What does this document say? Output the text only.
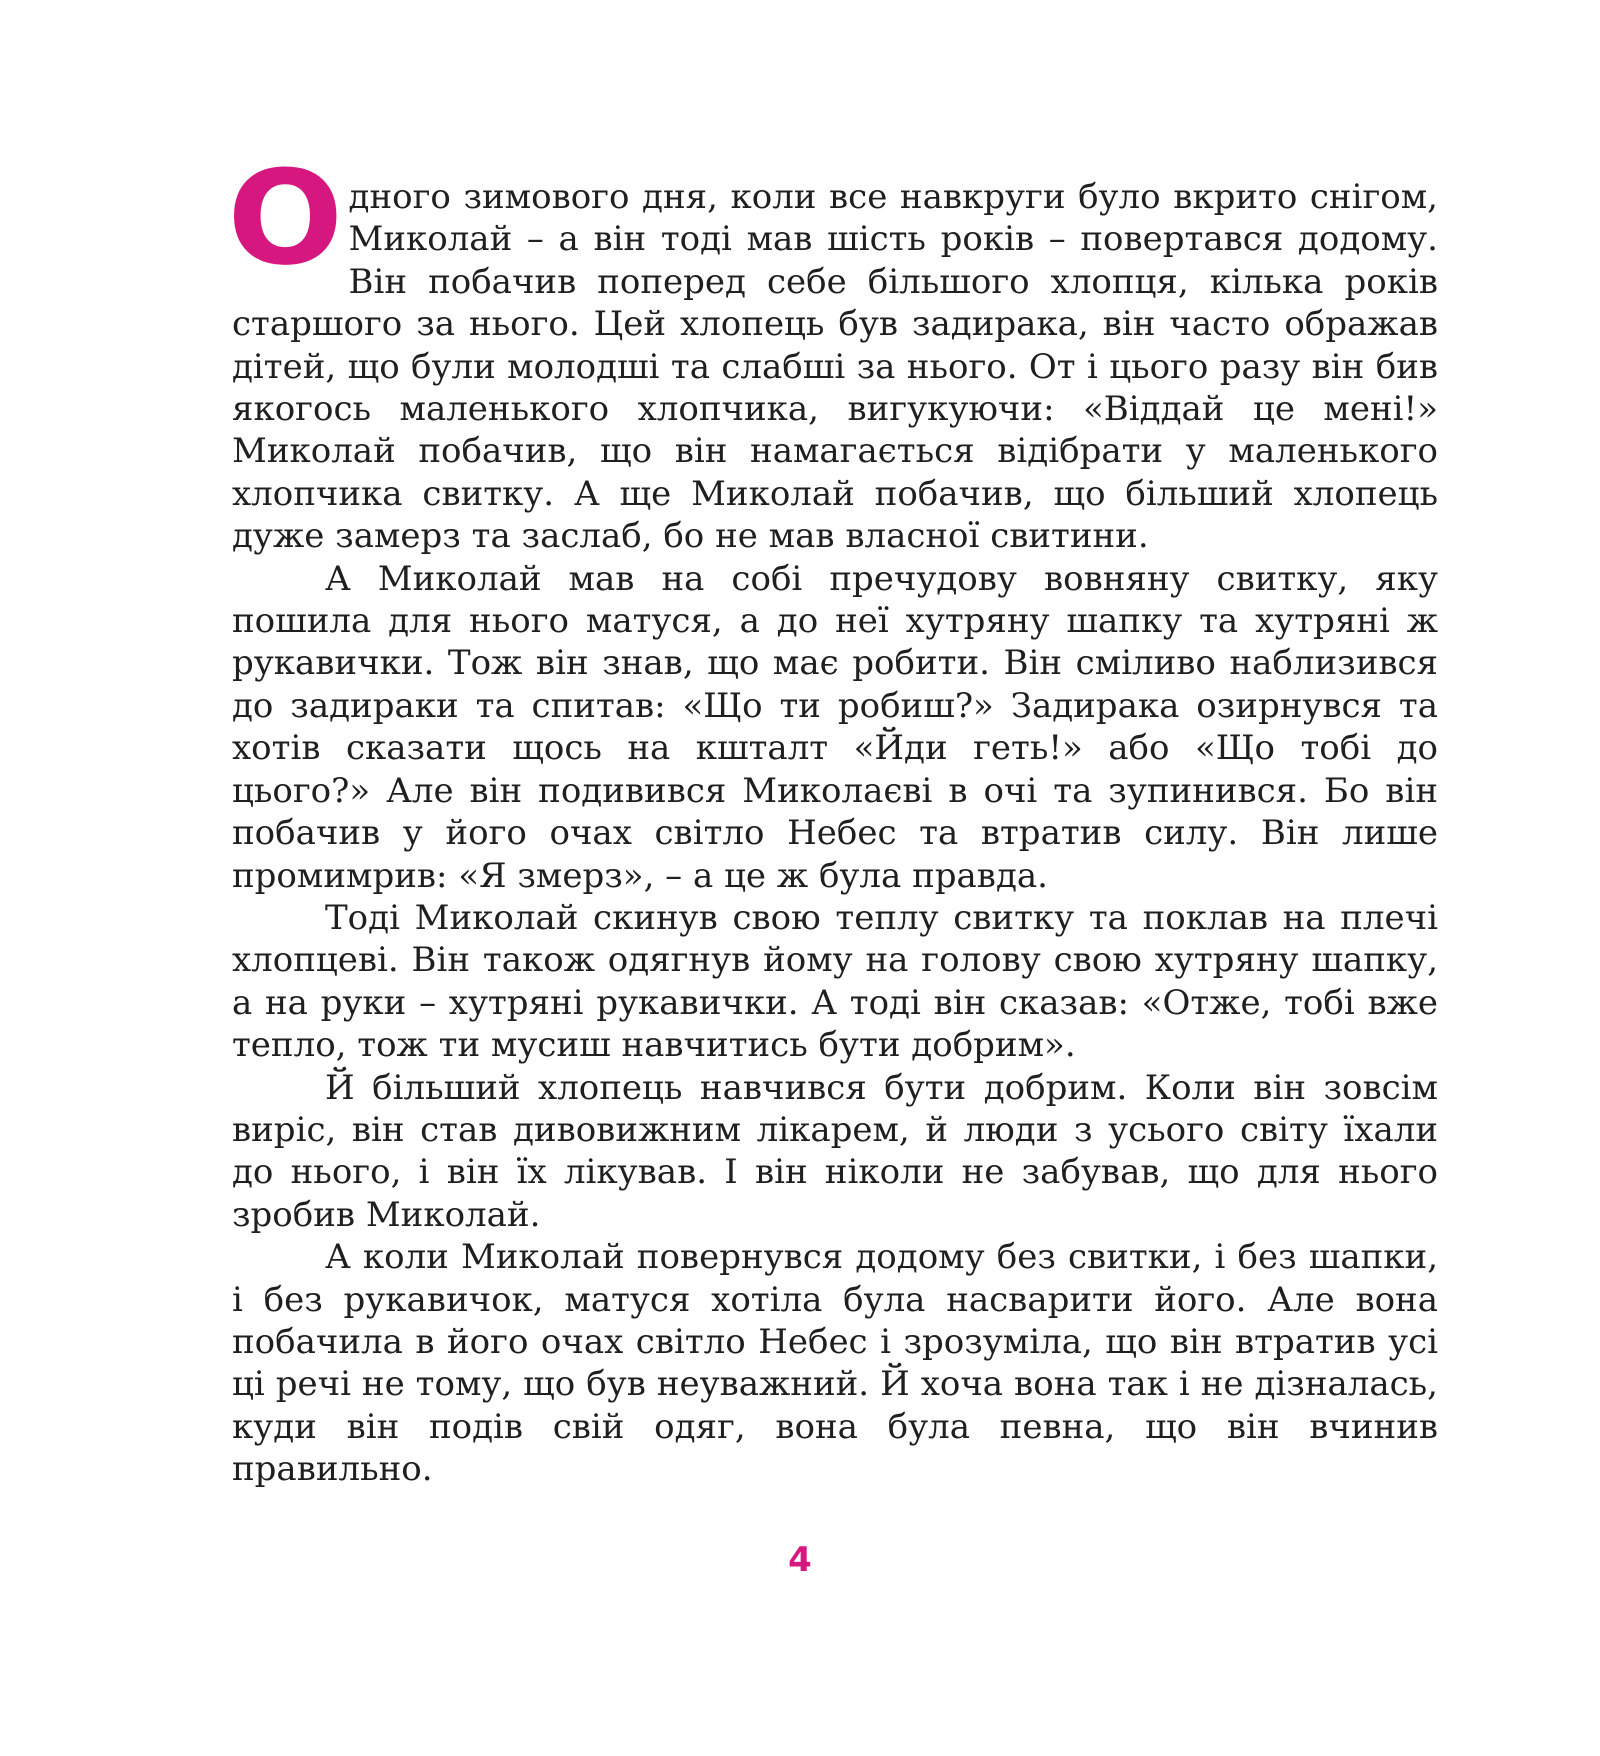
Одного зимового дня, коли все навкруги було вкрито снігом, Миколай – а він тоді мав шість років – повертався додому. Він побачив поперед себе більшого хлопця, кілька років старшого за нього. Цей хлопець був задирака, він часто ображав дітей, що були молодші та слабші за нього. От і цього разу він бив якогось маленького хлопчика, вигукуючи: «Віддай це мені!» Миколай побачив, що він намагається відібрати у маленького хлопчика свитку. А ще Миколай побачив, що більший хлопець дуже замерз та заслаб, бо не мав власної свитини.

А Миколай мав на собі пречудову вовняну свитку, яку пошила для нього матуся, а до неї хутряну шапку та хутряні ж рукавички. Тож він знав, що має робити. Він сміливо наблизився до задираки та спитав: «Що ти робиш?» Задирака озирнувся та хотів сказати щось на кшталт «Йди геть!» або «Що тобі до цього?» Але він подивився Миколаєві в очі та зупинився. Бо він побачив у його очах світло Небес та втратив силу. Він лише промимрив: «Я змерз», – а це ж була правда.

Тоді Миколай скинув свою теплу свитку та поклав на плечі хлопцеві. Він також одягнув йому на голову свою хутряну шапку, а на руки – хутряні рукавички. А тоді він сказав: «Отже, тобі вже тепло, тож ти мусиш навчитись бути добрим».

Й більший хлопець навчився бути добрим. Коли він зовсім виріс, він став дивовижним лікарем, й люди з усього світу їхали до нього, і він їх лікував. І він ніколи не забував, що для нього зробив Миколай.

А коли Миколай повернувся додому без свитки, і без шапки, і без рукавичок, матуся хотіла була насварити його. Але вона побачила в його очах світло Небес і зрозуміла, що він втратив усі ці речі не тому, що був неуважний. Й хоча вона так і не дізналась, куди він подів свій одяг, вона була певна, що він вчинив правильно.

4
